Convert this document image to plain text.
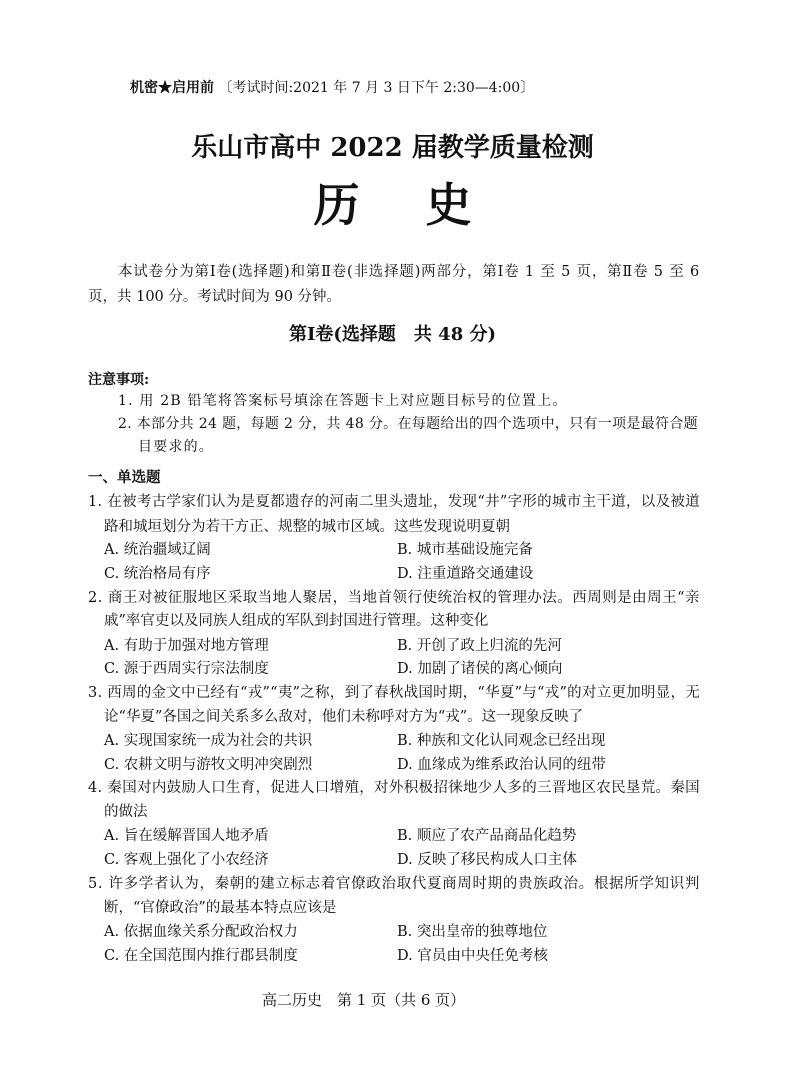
机密★启用前 〔考试时间:2021 年 7 月 3 日下午 2:30—4:00〕
乐山市高中 2022 届教学质量检测
历　史
本试卷分为第Ⅰ卷(选择题)和第Ⅱ卷(非选择题)两部分，第Ⅰ卷 1 至 5 页，第Ⅱ卷 5 至 6
页，共 100 分。考试时间为 90 分钟。
第Ⅰ卷(选择题　共 48 分)
注意事项:
1. 用 2B 铅笔将答案标号填涂在答题卡上对应题目标号的位置上。
2. 本部分共 24 题，每题 2 分，共 48 分。在每题给出的四个选项中，只有一项是最符合题
目要求的。
一、单选题
1. 在被考古学家们认为是夏都遗存的河南二里头遗址，发现“井”字形的城市主干道，以及被道
路和城垣划分为若干方正、规整的城市区域。这些发现说明夏朝
A. 统治疆域辽阔	B. 城市基础设施完备
C. 统治格局有序	D. 注重道路交通建设
2. 商王对被征服地区采取当地人聚居，当地首领行使统治权的管理办法。西周则是由周王“亲
戚”率官吏以及同族人组成的军队到封国进行管理。这种变化
A. 有助于加强对地方管理	B. 开创了政上归流的先河
C. 源于西周实行宗法制度	D. 加剧了诸侯的离心倾向
3. 西周的金文中已经有“戎”“夷”之称，到了春秋战国时期，“华夏”与“戎”的对立更加明显，无
论“华夏”各国之间关系多么敌对，他们未称呼对方为“戎”。这一现象反映了
A. 实现国家统一成为社会的共识	B. 种族和文化认同观念已经出现
C. 农耕文明与游牧文明冲突剧烈	D. 血缘成为维系政治认同的纽带
4. 秦国对内鼓励人口生育，促进人口增殖，对外积极招徕地少人多的三晋地区农民垦荒。秦国
的做法
A. 旨在缓解晋国人地矛盾	B. 顺应了农产品商品化趋势
C. 客观上强化了小农经济	D. 反映了移民构成人口主体
5. 许多学者认为，秦朝的建立标志着官僚政治取代夏商周时期的贵族政治。根据所学知识判
断，“官僚政治”的最基本特点应该是
A. 依据血缘关系分配政治权力	B. 突出皇帝的独尊地位
C. 在全国范围内推行郡县制度	D. 官员由中央任免考核
高二历史　第 1 页（共 6 页）
